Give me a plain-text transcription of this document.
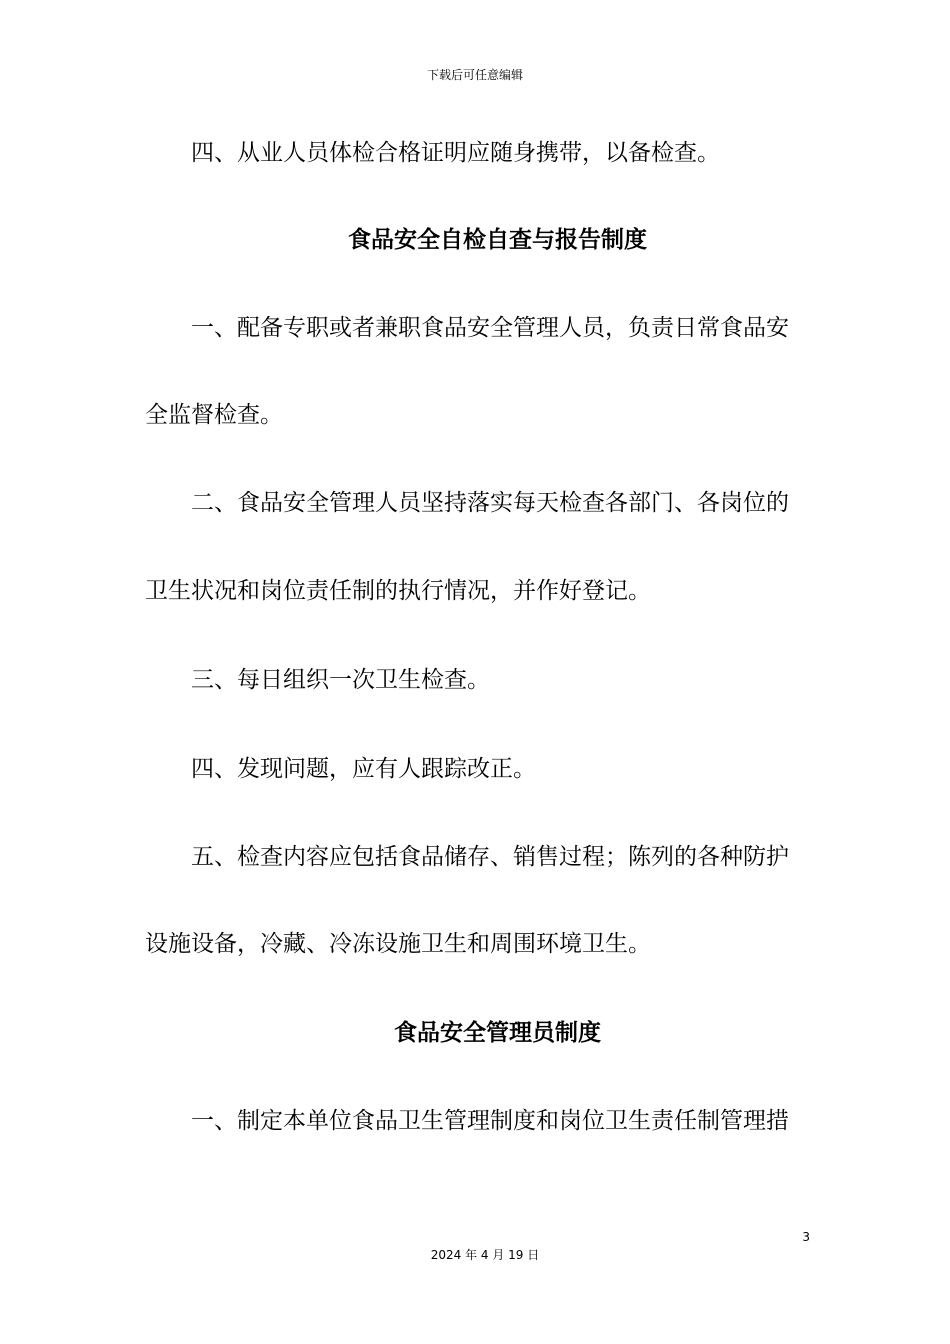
下载后可任意编辑
四、从业人员体检合格证明应随身携带，以备检查。
食品安全自检自查与报告制度
一、配备专职或者兼职食品安全管理人员，负责日常食品安
全监督检查。
二、食品安全管理人员坚持落实每天检查各部门、各岗位的
卫生状况和岗位责任制的执行情况，并作好登记。
三、每日组织一次卫生检查。
四、发现问题，应有人跟踪改正。
五、检查内容应包括食品储存、销售过程；陈列的各种防护
设施设备，冷藏、冷冻设施卫生和周围环境卫生。
食品安全管理员制度
一、制定本单位食品卫生管理制度和岗位卫生责任制管理措
3
2024 年 4 月 19 日
